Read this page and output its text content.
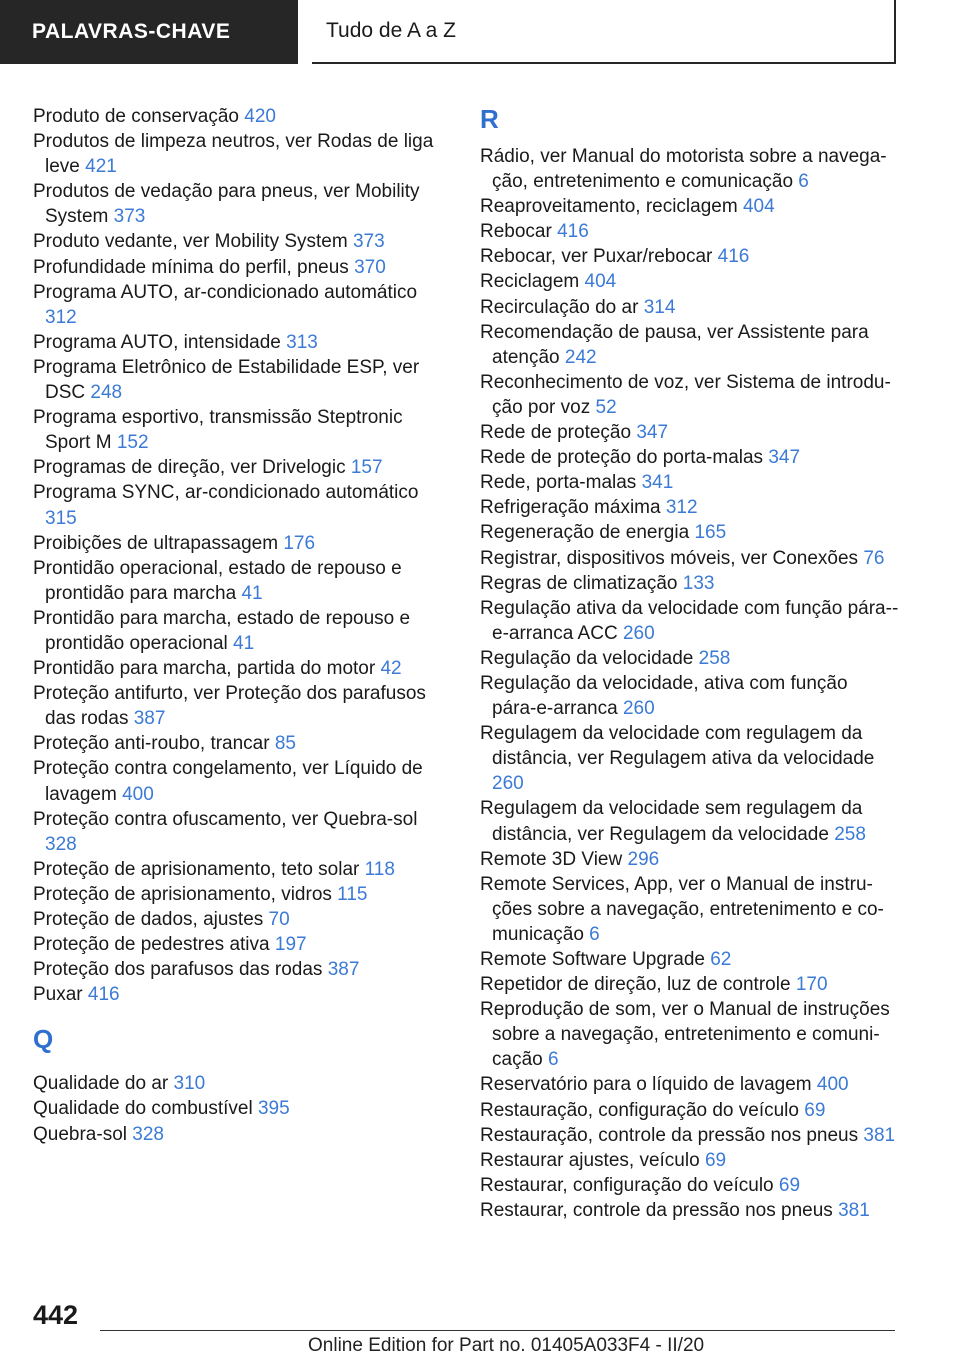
PALAVRAS-CHAVE	Tudo de A a Z
Produto de conservação 420
Produtos de limpeza neutros, ver Rodas de liga leve 421
Produtos de vedação para pneus, ver Mobility System 373
Produto vedante, ver Mobility System 373
Profundidade mínima do perfil, pneus 370
Programa AUTO, ar-condicionado automático 312
Programa AUTO, intensidade 313
Programa Eletrônico de Estabilidade ESP, ver DSC 248
Programa esportivo, transmissão Steptronic Sport M 152
Programas de direção, ver Drivelogic 157
Programa SYNC, ar-condicionado automático 315
Proibições de ultrapassagem 176
Prontidão operacional, estado de repouso e prontidão para marcha 41
Prontidão para marcha, estado de repouso e prontidão operacional 41
Prontidão para marcha, partida do motor 42
Proteção antifurto, ver Proteção dos parafusos das rodas 387
Proteção anti-roubo, trancar 85
Proteção contra congelamento, ver Líquido de lavagem 400
Proteção contra ofuscamento, ver Quebra-sol 328
Proteção de aprisionamento, teto solar 118
Proteção de aprisionamento, vidros 115
Proteção de dados, ajustes 70
Proteção de pedestres ativa 197
Proteção dos parafusos das rodas 387
Puxar 416
Q
Qualidade do ar 310
Qualidade do combustível 395
Quebra-sol 328
R
Rádio, ver Manual do motorista sobre a navegação, entretenimento e comunicação 6
Reaproveitamento, reciclagem 404
Rebocar 416
Rebocar, ver Puxar/rebocar 416
Reciclagem 404
Recirculação do ar 314
Recomendação de pausa, ver Assistente para atenção 242
Reconhecimento de voz, ver Sistema de introdução por voz 52
Rede de proteção 347
Rede de proteção do porta-malas 347
Rede, porta-malas 341
Refrigeração máxima 312
Regeneração de energia 165
Registrar, dispositivos móveis, ver Conexões 76
Regras de climatização 133
Regulação ativa da velocidade com função pára-e-arranca ACC 260
Regulação da velocidade 258
Regulação da velocidade, ativa com função pára-e-arranca 260
Regulagem da velocidade com regulagem da distância, ver Regulagem ativa da velocidade 260
Regulagem da velocidade sem regulagem da distância, ver Regulagem da velocidade 258
Remote 3D View 296
Remote Services, App, ver o Manual de instruções sobre a navegação, entretenimento e comunicação 6
Remote Software Upgrade 62
Repetidor de direção, luz de controle 170
Reprodução de som, ver o Manual de instruções sobre a navegação, entretenimento e comunicação 6
Reservatório para o líquido de lavagem 400
Restauração, configuração do veículo 69
Restauração, controle da pressão nos pneus 381
Restaurar ajustes, veículo 69
Restaurar, configuração do veículo 69
Restaurar, controle da pressão nos pneus 381
442
Online Edition for Part no. 01405A033F4 - II/20
